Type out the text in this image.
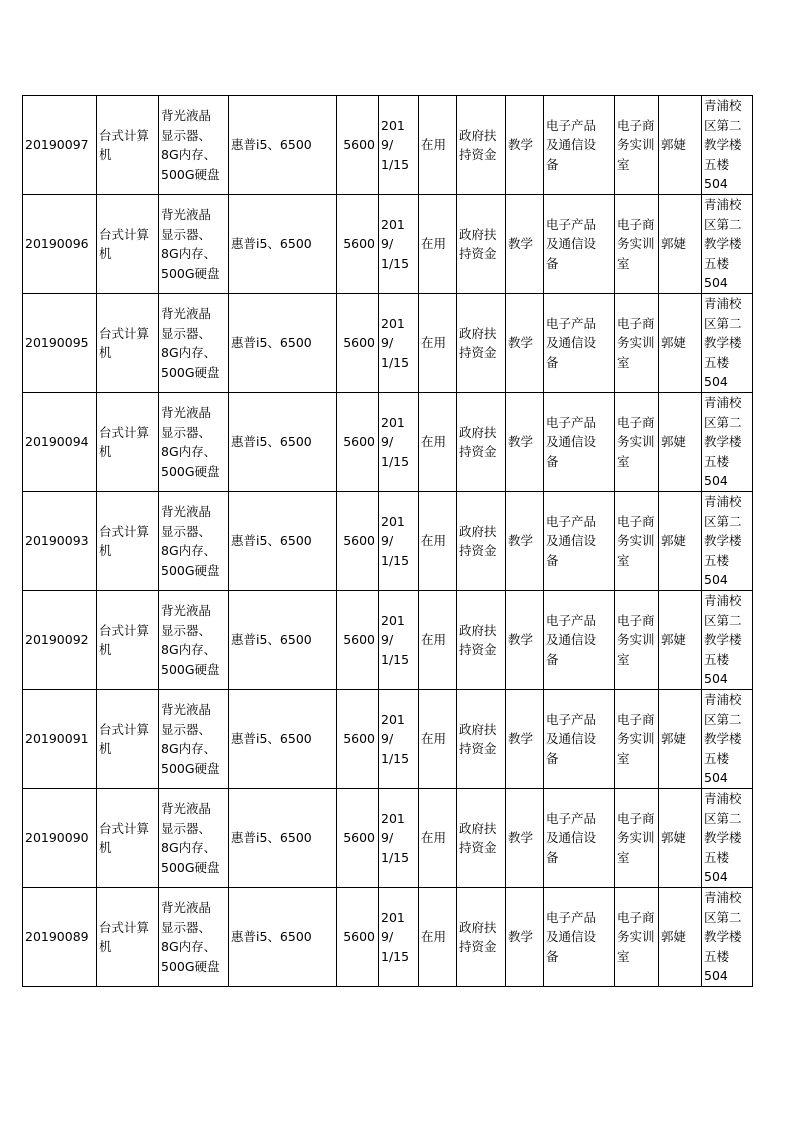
20190097	台式计算
机	背光液晶
显示器、
8G内存、
500G硬盘	惠普i5、6500	5600	2019/
1/15	在用	政府扶
持资金	教学	电子产品
及通信设
备	电子商
务实训
室	郭婕	青浦校
区第二
教学楼
五楼
504

20190096	台式计算
机	背光液晶
显示器、
8G内存、
500G硬盘	惠普i5、6500	5600	2019/
1/15	在用	政府扶
持资金	教学	电子产品
及通信设
备	电子商
务实训
室	郭婕	青浦校
区第二
教学楼
五楼
504

20190095	台式计算
机	背光液晶
显示器、
8G内存、
500G硬盘	惠普i5、6500	5600	2019/
1/15	在用	政府扶
持资金	教学	电子产品
及通信设
备	电子商
务实训
室	郭婕	青浦校
区第二
教学楼
五楼
504

20190094	台式计算
机	背光液晶
显示器、
8G内存、
500G硬盘	惠普i5、6500	5600	2019/
1/15	在用	政府扶
持资金	教学	电子产品
及通信设
备	电子商
务实训
室	郭婕	青浦校
区第二
教学楼
五楼
504

20190093	台式计算
机	背光液晶
显示器、
8G内存、
500G硬盘	惠普i5、6500	5600	2019/
1/15	在用	政府扶
持资金	教学	电子产品
及通信设
备	电子商
务实训
室	郭婕	青浦校
区第二
教学楼
五楼
504

20190092	台式计算
机	背光液晶
显示器、
8G内存、
500G硬盘	惠普i5、6500	5600	2019/
1/15	在用	政府扶
持资金	教学	电子产品
及通信设
备	电子商
务实训
室	郭婕	青浦校
区第二
教学楼
五楼
504

20190091	台式计算
机	背光液晶
显示器、
8G内存、
500G硬盘	惠普i5、6500	5600	2019/
1/15	在用	政府扶
持资金	教学	电子产品
及通信设
备	电子商
务实训
室	郭婕	青浦校
区第二
教学楼
五楼
504

20190090	台式计算
机	背光液晶
显示器、
8G内存、
500G硬盘	惠普i5、6500	5600	2019/
1/15	在用	政府扶
持资金	教学	电子产品
及通信设
备	电子商
务实训
室	郭婕	青浦校
区第二
教学楼
五楼
504

20190089	台式计算
机	背光液晶
显示器、
8G内存、
500G硬盘	惠普i5、6500	5600	2019/
1/15	在用	政府扶
持资金	教学	电子产品
及通信设
备	电子商
务实训
室	郭婕	青浦校
区第二
教学楼
五楼
504
